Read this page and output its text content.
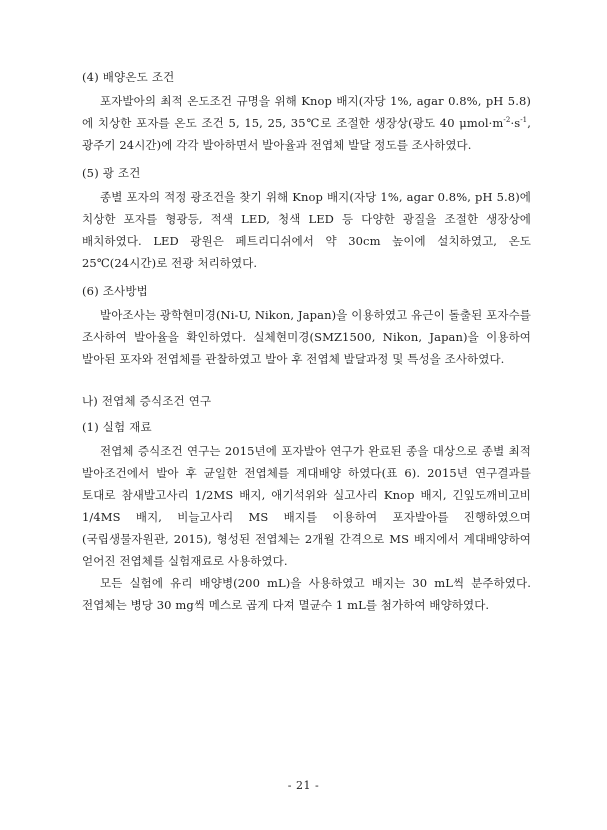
(4) 배양온도 조건

포자발아의 최적 온도조건 규명을 위해 Knop 배지(자당 1%, agar 0.8%, pH 5.8)에 치상한 포자를 온도 조건 5, 15, 25, 35℃로 조절한 생장상(광도 40 $\mu mol\cdot m^{-2}\cdot s^{-1}$, 광주기 24시간)에 각각 발아하면서 발아율과 전엽체 발달 정도를 조사하였다.

(5) 광 조건

종별 포자의 적정 광조건을 찾기 위해 Knop 배지(자당 1%, agar 0.8%, pH 5.8)에 치상한 포자를 형광등, 적색 LED, 청색 LED 등 다양한 광질을 조절한 생장상에 배치하였다. LED 광원은 페트리디쉬에서 약 30cm 높이에 설치하였고, 온도 25℃(24시간)로 전광 처리하였다.

(6) 조사방법

발아조사는 광학현미경(Ni-U, Nikon, Japan)을 이용하였고 유근이 돌출된 포자수를 조사하여 발아율을 확인하였다. 실체현미경(SMZ1500, Nikon, Japan)을 이용하여 발아된 포자와 전엽체를 관찰하였고 발아 후 전엽체 발달과정 및 특성을 조사하였다.

나) 전엽체 증식조건 연구
(1) 실험 재료

전엽체 증식조건 연구는 2015년에 포자발아 연구가 완료된 종을 대상으로 종별 최적 발아조건에서 발아 후 균일한 전엽체를 계대배양 하였다(표 6). 2015년 연구결과를 토대로 참새발고사리 1/2MS 배지, 애기석위와 실고사리 Knop 배지, 긴잎도깨비고비 1/4MS 배지, 비늘고사리 MS 배지를 이용하여 포자발아를 진행하였으며(국립생물자원관, 2015), 형성된 전엽체는 2개월 간격으로 MS 배지에서 계대배양하여 얻어진 전엽체를 실험재료로 사용하였다.

모든 실험에 유리 배양병(200 mL)을 사용하였고 배지는 30 mL씩 분주하였다. 전엽체는 병당 30 mg씩 메스로 곱게 다져 멸균수 1 mL를 첨가하여 배양하였다.

- 21 -
